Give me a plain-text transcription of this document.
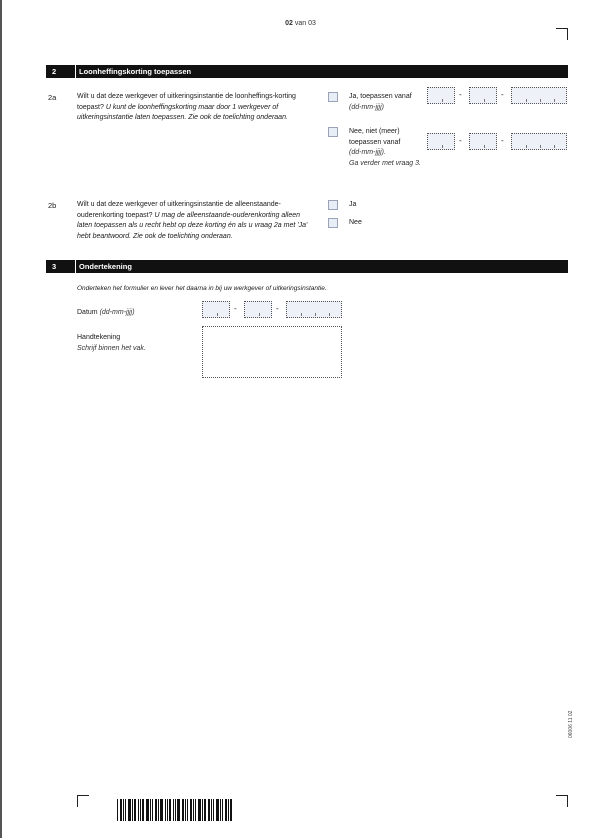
02 van 03
2	Loonheffingskorting toepassen
2a	Wilt u dat deze werkgever of uitkeringsinstantie de loonheffings-korting toepast? U kunt de loonheffingskorting maar door 1 werkgever of uitkeringsinstantie laten toepassen. Zie ook de toelichting onderaan.
Ja, toepassen vanaf
(dd-mm-jjjj)
-	-
Nee, niet (meer)
toepassen vanaf
(dd-mm-jjjj).
Ga verder met vraag 3.
-	-
2b	Wilt u dat deze werkgever of uitkeringsinstantie de alleenstaande-ouderenkorting toepast? U mag de alleenstaande-ouderenkorting alleen laten toepassen als u recht hebt op deze korting én als u vraag 2a met 'Ja' hebt beantwoord. Zie ook de toelichting onderaan.
Ja
Nee
3	Ondertekening
Onderteken het formulier en lever het daarna in bij uw werkgever of uitkeringsinstantie.
Datum (dd-mm-jjjj)	-	-
Handtekening
Schrijf binnen het vak.
06006 11 02
